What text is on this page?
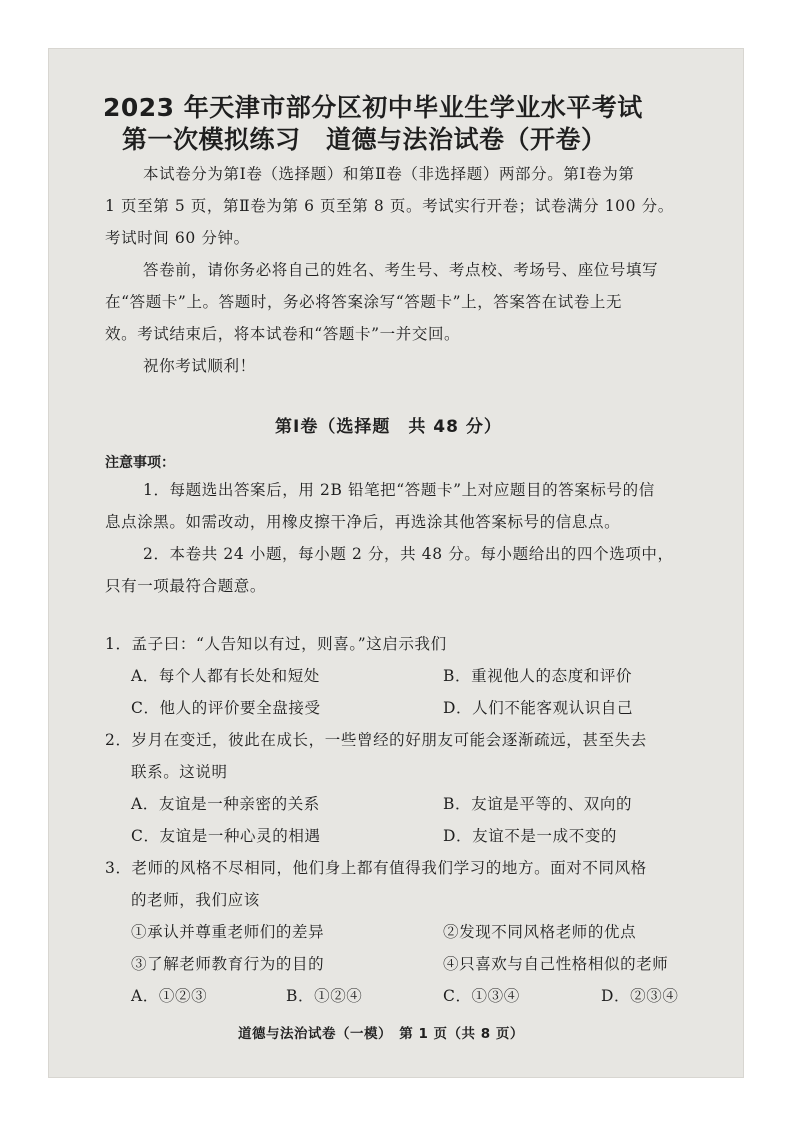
2023 年天津市部分区初中毕业生学业水平考试
第一次模拟练习　道德与法治试卷（开卷）
本试卷分为第Ⅰ卷（选择题）和第Ⅱ卷（非选择题）两部分。第Ⅰ卷为第
1 页至第 5 页，第Ⅱ卷为第 6 页至第 8 页。考试实行开卷；试卷满分 100 分。
考试时间 60 分钟。
答卷前，请你务必将自己的姓名、考生号、考点校、考场号、座位号填写
在“答题卡”上。答题时，务必将答案涂写“答题卡”上，答案答在试卷上无
效。考试结束后，将本试卷和“答题卡”一并交回。
祝你考试顺利！
第Ⅰ卷（选择题　共 48 分）
注意事项：
1．每题选出答案后，用 2B 铅笔把“答题卡”上对应题目的答案标号的信
息点涂黑。如需改动，用橡皮擦干净后，再选涂其他答案标号的信息点。
2．本卷共 24 小题，每小题 2 分，共 48 分。每小题给出的四个选项中，
只有一项最符合题意。
1．孟子曰：“人告知以有过，则喜。”这启示我们
A．每个人都有长处和短处	B．重视他人的态度和评价
C．他人的评价要全盘接受	D．人们不能客观认识自己
2．岁月在变迁，彼此在成长，一些曾经的好朋友可能会逐渐疏远，甚至失去
联系。这说明
A．友谊是一种亲密的关系	B．友谊是平等的、双向的
C．友谊是一种心灵的相遇	D．友谊不是一成不变的
3．老师的风格不尽相同，他们身上都有值得我们学习的地方。面对不同风格
的老师，我们应该
①承认并尊重老师们的差异	②发现不同风格老师的优点
③了解老师教育行为的目的	④只喜欢与自己性格相似的老师
A．①②③	B．①②④	C．①③④	D．②③④
道德与法治试卷（一模）　第 1 页（共 8 页）
